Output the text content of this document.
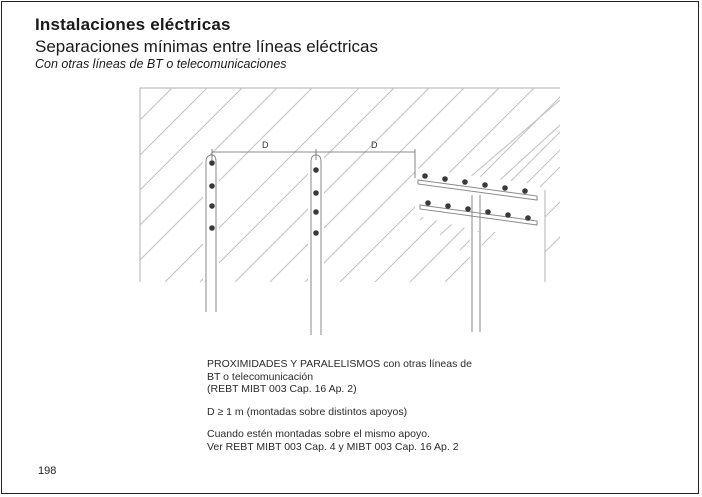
Instalaciones eléctricas
Separaciones mínimas entre líneas eléctricas
Con otras líneas de BT o telecomunicaciones
D	D
PROXIMIDADES Y PARALELISMOS con otras líneas de
BT o telecomunicación
(REBT MIBT 003 Cap. 16 Ap. 2)
D ≥ 1 m (montadas sobre distintos apoyos)
Cuando estén montadas sobre el mismo apoyo.
Ver REBT MIBT 003 Cap. 4 y MIBT 003 Cap. 16 Ap. 2
198
